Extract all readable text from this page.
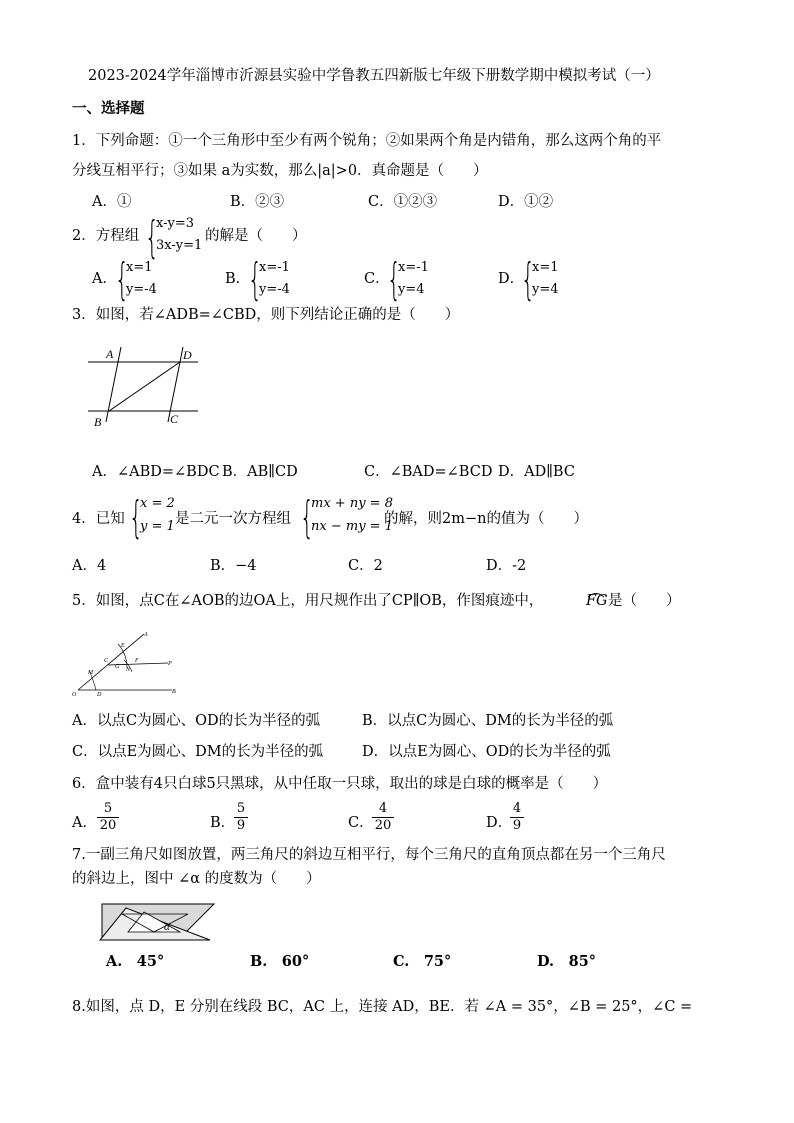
2023-2024学年淄博市沂源县实验中学鲁教五四新版七年级下册数学期中模拟考试（一）
一、选择题
1．下列命题：①一个三角形中至少有两个锐角；②如果两个角是内错角，那么这两个角的平
分线互相平行；③如果 a为实数，那么|a|>0．真命题是（　　）
A．①	B．②③	C．①②③	D．①②
2．方程组 {
x-y=3
3x-y=1
的解是（　　）
A．
{
x=1
y=-4
B．
{
x=-1
y=-4
C．
{
x=-1
y=4
D．
{
x=1
y=4
3．如图，若∠ADB=∠CBD，则下列结论正确的是（　　）
A	D
B	C
A．∠ABD=∠BDC B．AB∥CD	C．∠BAD=∠BCD D．AD∥BC
4．已知 {
x = 2
y = 1 是二元一次方程组 {
mx + ny = 8
nx − my = 1
的解，则2m−n的值为（　　）
A．4	B．−4	C．2	D．-2
5．如图，点C在∠AOB的边OA上，用尺规作出了CP∥OB，作图痕迹中，	FG 是（　　）
A
E
C
G
F
N
P
M
O	D	B
A．以点C为圆心、OD的长为半径的弧	B．以点C为圆心、DM的长为半径的弧
C．以点E为圆心、DM的长为半径的弧	D．以点E为圆心、OD的长为半径的弧
6．盒中装有4只白球5只黑球，从中任取一只球，取出的球是白球的概率是（　　）
A． $\frac{5}{20}$	B．
$\frac{5}{9}$	C．
$\frac{4}{20}$	D．
$\frac{4}{9}$
7.一副三角尺如图放置，两三角尺的斜边互相平行，每个三角尺的直角顶点都在另一个三角尺
的斜边上，图中 ∠α 的度数为（　　）
α
A.　45°	B.　60°	C.　75°	D.　85°
8.如图，点 D，E 分别在线段 BC，AC 上，连接 AD，BE．若 ∠A = 35°，∠B = 25°，∠C =
